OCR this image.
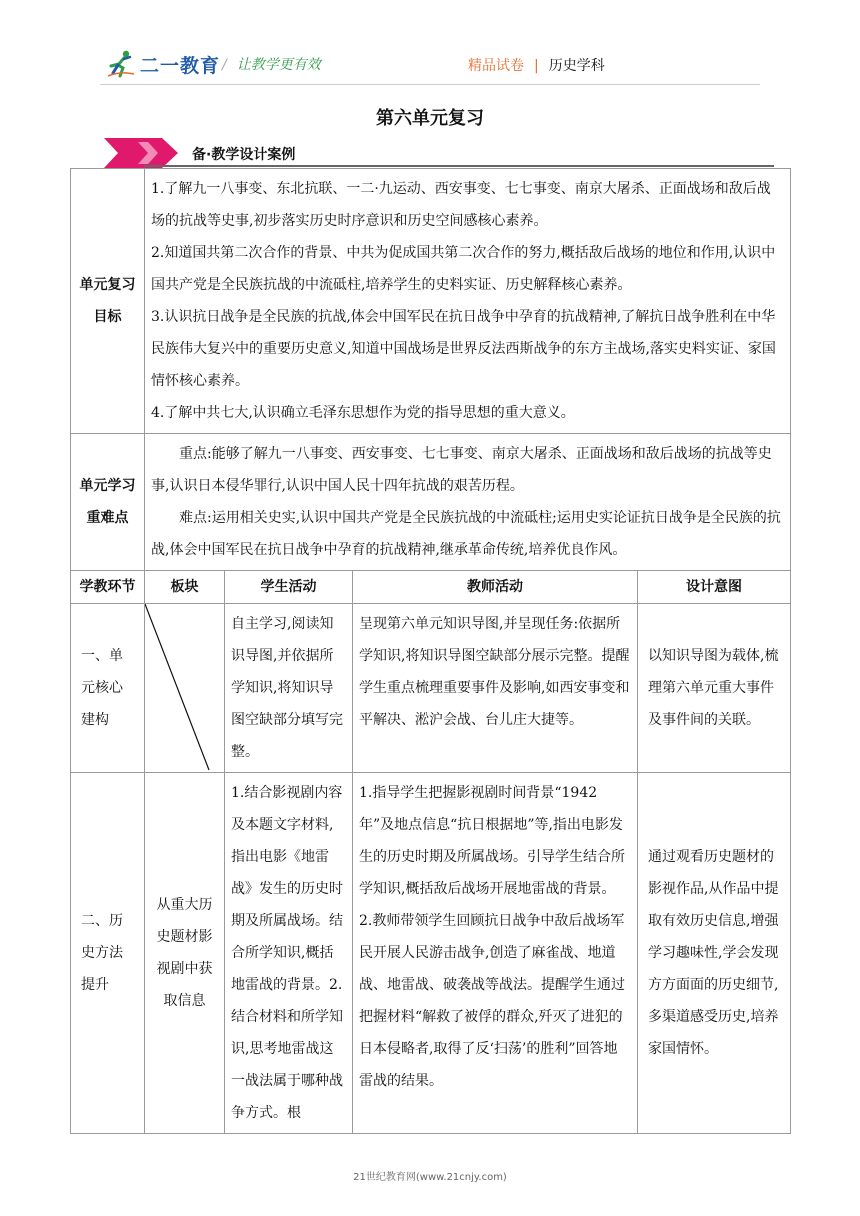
二一教育 / 让教学更有效	精品试卷 | 历史学科
第六单元复习
备·教学设计案例
单元复习目标	1.了解九一八事变、东北抗联、一二·九运动、西安事变、七七事变、南京大屠杀、正面战场和敌后战场的抗战等史事,初步落实历史时序意识和历史空间感核心素养。

2.知道国共第二次合作的背景、中共为促成国共第二次合作的努力,概括敌后战场的地位和作用,认识中国共产党是全民族抗战的中流砥柱,培养学生的史料实证、历史解释核心素养。

3.认识抗日战争是全民族的抗战,体会中国军民在抗日战争中孕育的抗战精神,了解抗日战争胜利在中华民族伟大复兴中的重要历史意义,知道中国战场是世界反法西斯战争的东方主战场,落实史料实证、家国情怀核心素养。

4.了解中共七大,认识确立毛泽东思想作为党的指导思想的重大意义。			

单元学习重难点	重点:能够了解九一八事变、西安事变、七七事变、南京大屠杀、正面战场和敌后战场的抗战等史事,认识日本侵华罪行,认识中国人民十四年抗战的艰苦历程。

难点:运用相关史实,认识中国共产党是全民族抗战的中流砥柱;运用史实论证抗日战争是全民族的抗战,体会中国军民在抗日战争中孕育的抗战精神,继承革命传统,培养优良作风。			

学教环节	板块	学生活动	教师活动	设计意图
一、单元核心建构		自主学习,阅读知识导图,并依据所学知识,将知识导图空缺部分填写完整。	呈现第六单元知识导图,并呈现任务:依据所学知识,将知识导图空缺部分展示完整。提醒学生重点梳理重要事件及影响,如西安事变和平解决、淞沪会战、台儿庄大捷等。	以知识导图为载体,梳理第六单元重大事件及事件间的关联。
二、历史方法提升	从重大历史题材影视剧中获取信息	1.结合影视剧内容及本题文字材料,指出电影《地雷战》发生的历史时期及所属战场。结合所学知识,概括地雷战的背景。2.结合材料和所学知识,思考地雷战这一战法属于哪种战争方式。根	1.指导学生把握影视剧时间背景“1942年”及地点信息“抗日根据地”等,指出电影发生的历史时期及所属战场。引导学生结合所学知识,概括敌后战场开展地雷战的背景。
2.教师带领学生回顾抗日战争中敌后战场军民开展人民游击战争,创造了麻雀战、地道战、地雷战、破袭战等战法。提醒学生通过把握材料“解救了被俘的群众,歼灭了进犯的日本侵略者,取得了反‘扫荡’的胜利”回答地雷战的结果。	通过观看历史题材的影视作品,从作品中提取有效历史信息,增强学习趣味性,学会发现方方面面的历史细节,多渠道感受历史,培养家国情怀。
21世纪教育网(www.21cnjy.com)
